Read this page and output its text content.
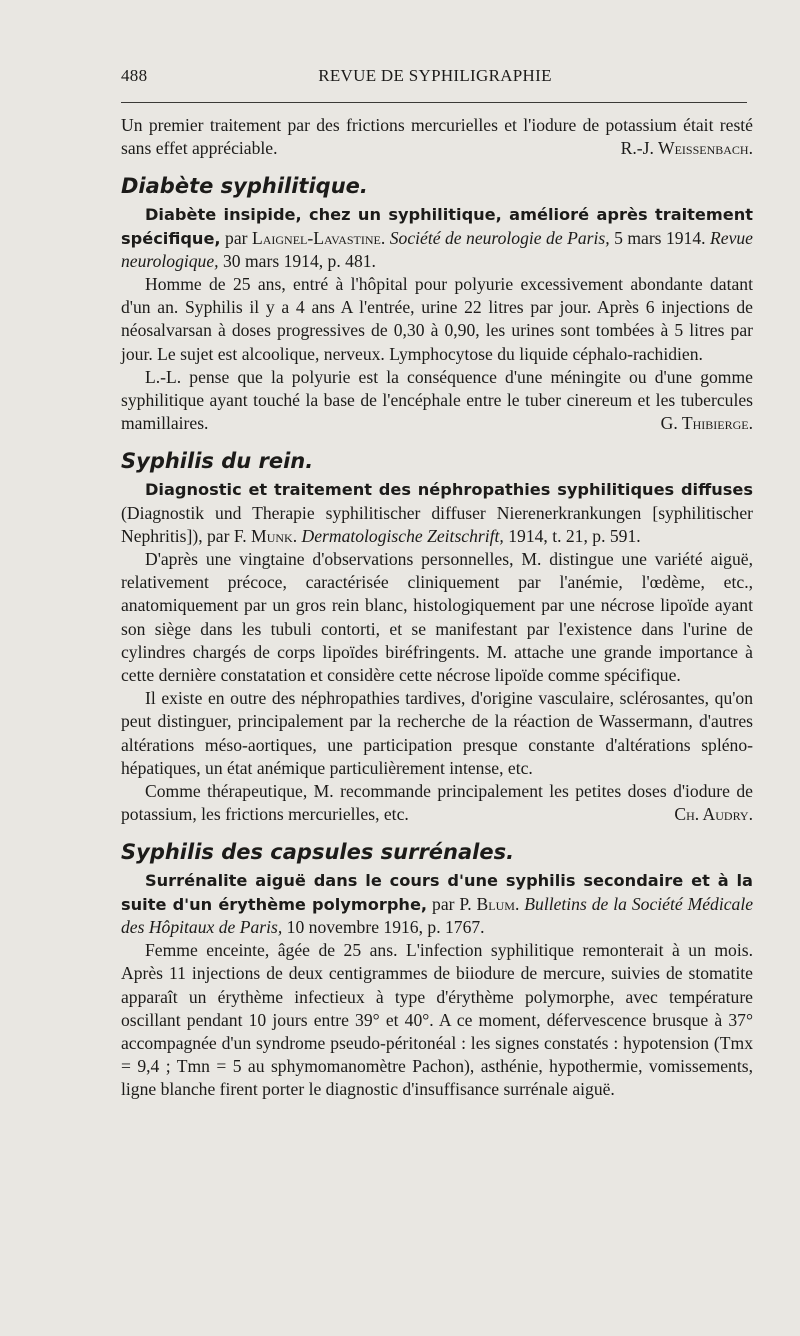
488	REVUE DE SYPHILIGRAPHIE

Un premier traitement par des frictions mercurielles et l'iodure de potassium était resté sans effet appréciable.	R.-J. Weissenbach.

Diabète syphilitique.

Diabète insipide, chez un syphilitique, amélioré après traitement spécifique, par Laignel-Lavastine. Société de neurologie de Paris, 5 mars 1914. Revue neurologique, 30 mars 1914, p. 481.

Homme de 25 ans, entré à l'hôpital pour polyurie excessivement abondante datant d'un an. Syphilis il y a 4 ans A l'entrée, urine 22 litres par jour. Après 6 injections de néosalvarsan à doses progressives de 0,30 à 0,90, les urines sont tombées à 5 litres par jour. Le sujet est alcoolique, nerveux. Lymphocytose du liquide céphalo-rachidien.

L.-L. pense que la polyurie est la conséquence d'une méningite ou d'une gomme syphilitique ayant touché la base de l'encéphale entre le tuber cinereum et les tubercules mamillaires.	G. Thibierge.

Syphilis du rein.

Diagnostic et traitement des néphropathies syphilitiques diffuses (Diagnostik und Therapie syphilitischer diffuser Nierenerkrankungen [syphilitischer Nephritis]), par F. Munk. Dermatologische Zeitschrift, 1914, t. 21, p. 591.

D'après une vingtaine d'observations personnelles, M. distingue une variété aiguë, relativement précoce, caractérisée cliniquement par l'anémie, l'œdème, etc., anatomiquement par un gros rein blanc, histologiquement par une nécrose lipoïde ayant son siège dans les tubuli contorti, et se manifestant par l'existence dans l'urine de cylindres chargés de corps lipoïdes biréfringents. M. attache une grande importance à cette dernière constatation et considère cette nécrose lipoïde comme spécifique.

Il existe en outre des néphropathies tardives, d'origine vasculaire, sclérosantes, qu'on peut distinguer, principalement par la recherche de la réaction de Wassermann, d'autres altérations méso-aortiques, une participation presque constante d'altérations spléno-hépatiques, un état anémique particulièrement intense, etc.

Comme thérapeutique, M. recommande principalement les petites doses d'iodure de potassium, les frictions mercurielles, etc.	Ch. Audry.

Syphilis des capsules surrénales.

Surrénalite aiguë dans le cours d'une syphilis secondaire et à la suite d'un érythème polymorphe, par P. Blum. Bulletins de la Société Médicale des Hôpitaux de Paris, 10 novembre 1916, p. 1767.

Femme enceinte, âgée de 25 ans. L'infection syphilitique remonterait à un mois. Après 11 injections de deux centigrammes de biiodure de mercure, suivies de stomatite apparaît un érythème infectieux à type d'érythème polymorphe, avec température oscillant pendant 10 jours entre 39° et 40°. A ce moment, défervescence brusque à 37° accompagnée d'un syndrome pseudo-péritonéal : les signes constatés : hypotension (Tmx = 9,4 ; Tmn = 5 au sphymomanomètre Pachon), asthénie, hypothermie, vomissements, ligne blanche firent porter le diagnostic d'insuffisance surrénale aiguë.
